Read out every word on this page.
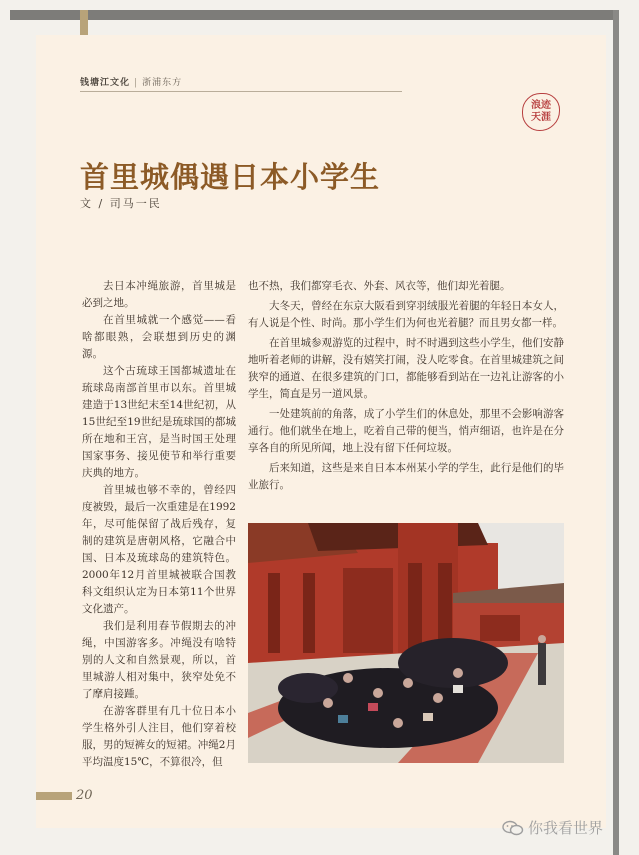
钱塘江文化 | 浙浦东方
浪迹
天涯
首里城偶遇日本小学生
文 / 司马一民

去日本冲绳旅游，首里城是必到之地。

在首里城就一个感觉——看啥都眼熟，会联想到历史的渊源。

这个古琉球王国都城遗址在琉球岛南部首里市以东。首里城建造于13世纪末至14世纪初，从15世纪至19世纪是琉球国的都城所在地和王宫，是当时国王处理国家事务、接见使节和举行重要庆典的地方。

首里城也够不幸的，曾经四度被毁，最后一次重建是在1992年，尽可能保留了战后残存，复制的建筑是唐朝风格，它融合中国、日本及琉球岛的建筑特色。2000年12月首里城被联合国教科文组织认定为日本第11个世界文化遗产。

我们是利用春节假期去的冲绳，中国游客多。冲绳没有啥特别的人文和自然景观，所以，首里城游人相对集中，狭窄处免不了摩肩接踵。

在游客群里有几十位日本小学生格外引人注目，他们穿着校服，男的短裤女的短裙。冲绳2月平均温度15℃，不算很冷，但

也不热，我们都穿毛衣、外套、风衣等，他们却光着腿。

大冬天，曾经在东京大阪看到穿羽绒服光着腿的年轻日本女人，有人说是个性、时尚。那小学生们为何也光着腿？而且男女都一样。

在首里城参观游览的过程中，时不时遇到这些小学生，他们安静地听着老师的讲解，没有嬉笑打闹，没人吃零食。在首里城建筑之间狭窄的通道、在很多建筑的门口，都能够看到站在一边礼让游客的小学生，简直是另一道风景。

一处建筑前的角落，成了小学生们的休息处，那里不会影响游客通行。他们就坐在地上，吃着自己带的便当，悄声细语，也许是在分享各自的所见所闻，地上没有留下任何垃圾。

后来知道，这些是来自日本本州某小学的学生，此行是他们的毕业旅行。

20
你我看世界
